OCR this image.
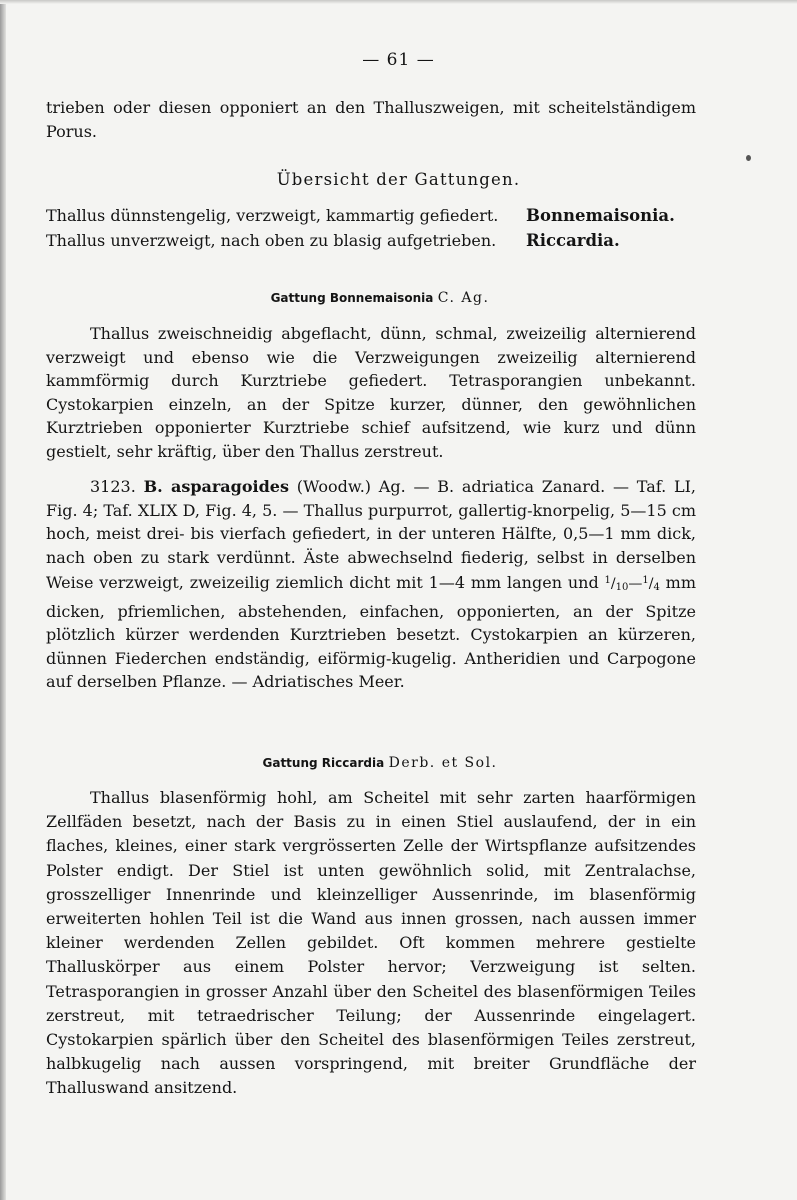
— 61 —

trieben oder diesen opponiert an den Thalluszweigen, mit scheitelständigem Porus.

Übersicht der Gattungen.
Thallus dünnstengelig, verzweigt, kammartig gefiedert. Bonnemaisonia.
Thallus unverzweigt, nach oben zu blasig aufgetrieben. Riccardia.
Gattung Bonnemaisonia C. Ag.

Thallus zweischneidig abgeflacht, dünn, schmal, zweizeilig alternierend verzweigt und ebenso wie die Verzweigungen zweizeilig alternierend kammförmig durch Kurztriebe gefiedert. Tetrasporangien unbekannt. Cystokarpien einzeln, an der Spitze kurzer, dünner, den gewöhnlichen Kurztrieben opponierter Kurztriebe schief aufsitzend, wie kurz und dünn gestielt, sehr kräftig, über den Thallus zerstreut.

3123. B. asparagoides (Woodw.) Ag. — B. adriatica Zanard. — Taf. LI, Fig. 4; Taf. XLIX D, Fig. 4, 5. — Thallus purpurrot, gallertig-knorpelig, 5—15 cm hoch, meist drei- bis vierfach gefiedert, in der unteren Hälfte, 0,5—1 mm dick, nach oben zu stark verdünnt. Äste abwechselnd fiederig, selbst in derselben Weise verzweigt, zweizeilig ziemlich dicht mit 1—4 mm langen und $^1/_{10}—^1/_4$ mm dicken, pfriemlichen, abstehenden, einfachen, opponierten, an der Spitze plötzlich kürzer werdenden Kurztrieben besetzt. Cystokarpien an kürzeren, dünnen Fiederchen endständig, eiförmig-kugelig. Antheridien und Carpogone auf derselben Pflanze. — Adriatisches Meer.

Gattung Riccardia Derb. et Sol.

Thallus blasenförmig hohl, am Scheitel mit sehr zarten haarförmigen Zellfäden besetzt, nach der Basis zu in einen Stiel auslaufend, der in ein flaches, kleines, einer stark vergrösserten Zelle der Wirtspflanze aufsitzendes Polster endigt. Der Stiel ist unten gewöhnlich solid, mit Zentralachse, grosszelliger Innenrinde und kleinzelliger Aussenrinde, im blasenförmig erweiterten hohlen Teil ist die Wand aus innen grossen, nach aussen immer kleiner werdenden Zellen gebildet. Oft kommen mehrere gestielte Thalluskörper aus einem Polster hervor; Verzweigung ist selten. Tetrasporangien in grosser Anzahl über den Scheitel des blasenförmigen Teiles zerstreut, mit tetraedrischer Teilung; der Aussenrinde eingelagert. Cystokarpien spärlich über den Scheitel des blasenförmigen Teiles zerstreut, halbkugelig nach aussen vorspringend, mit breiter Grundfläche der Thalluswand ansitzend.
